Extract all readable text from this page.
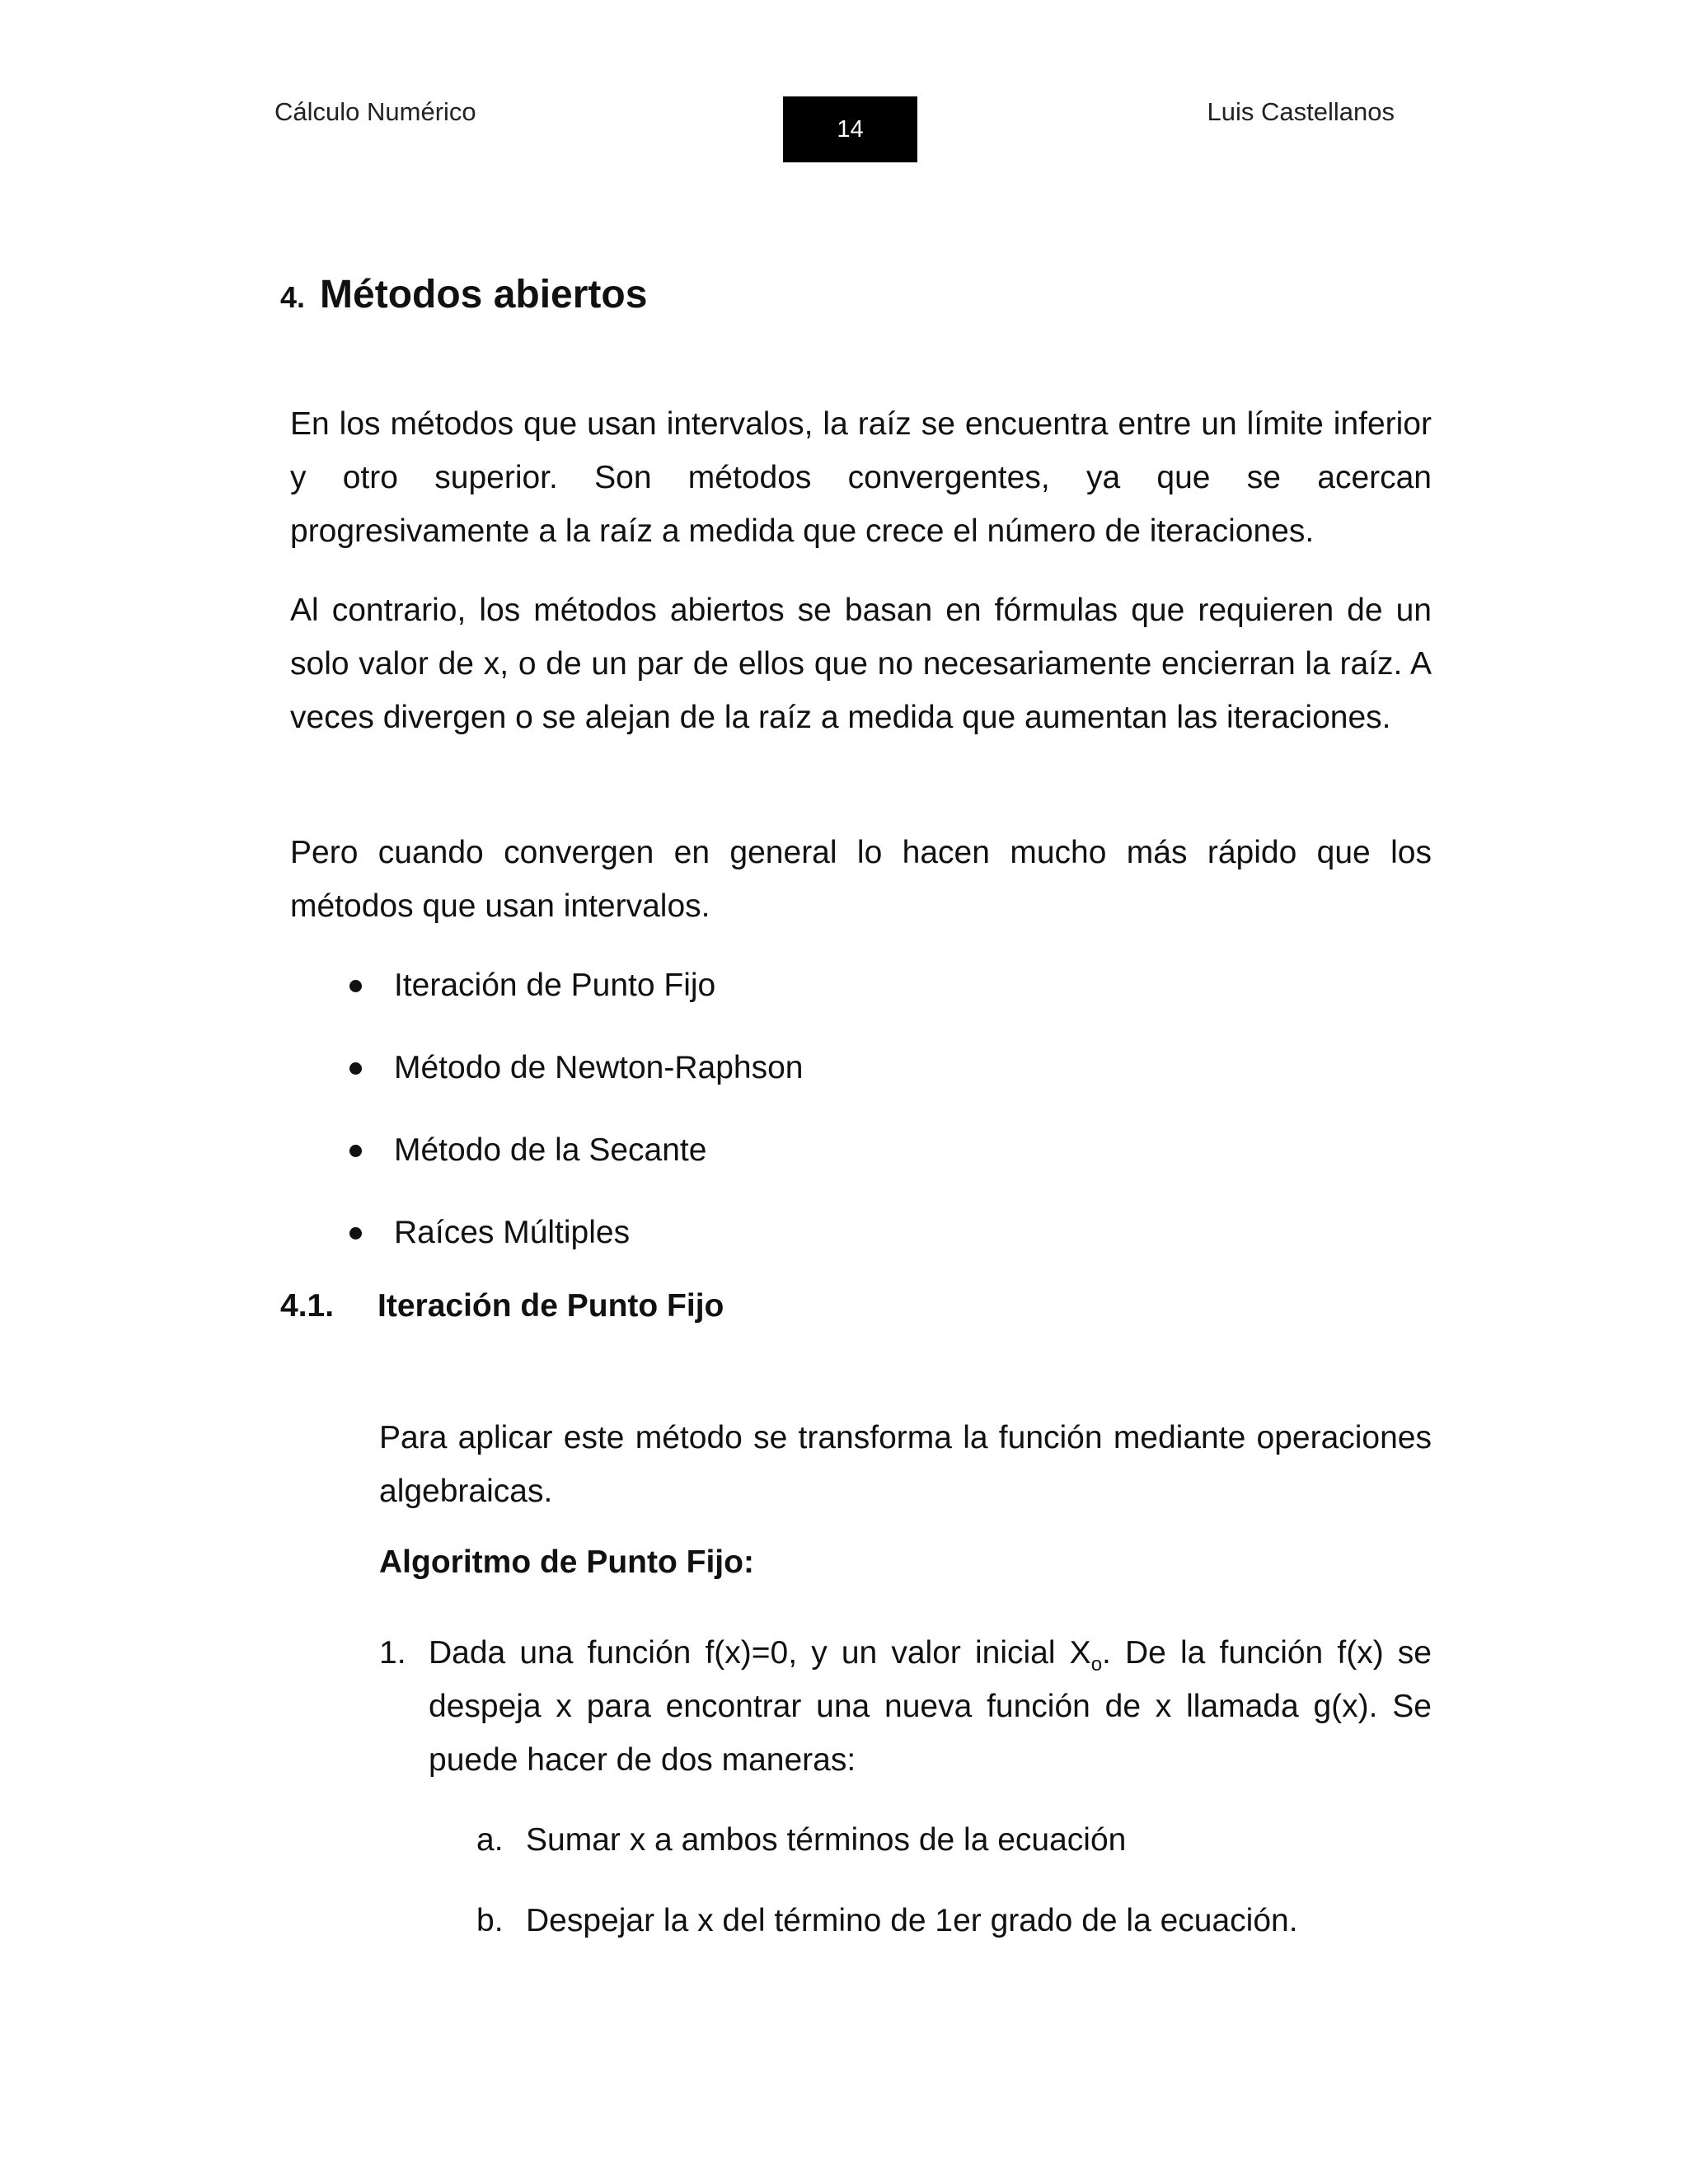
Cálculo Numérico
14
Luis Castellanos
4. Métodos abiertos
En los métodos que usan intervalos, la raíz se encuentra entre un límite inferior y otro superior. Son métodos convergentes, ya que se acercan progresivamente a la raíz a medida que crece el número de iteraciones.
Al contrario, los métodos abiertos se basan en fórmulas que requieren de un solo valor de x, o de un par de ellos que no necesariamente encierran la raíz. A veces divergen o se alejan de la raíz a medida que aumentan las iteraciones.
Pero cuando convergen en general lo hacen mucho más rápido que los métodos que usan intervalos.
Iteración de Punto Fijo
Método de Newton-Raphson
Método de la Secante
Raíces Múltiples
4.1. Iteración de Punto Fijo
Para aplicar este método se transforma la función mediante operaciones algebraicas.
Algoritmo de Punto Fijo:
1. Dada una función f(x)=0, y un valor inicial $X_o$. De la función f(x) se despeja x para encontrar una nueva función de x llamada g(x). Se puede hacer de dos maneras:
a. Sumar x a ambos términos de la ecuación
b. Despejar la x del término de 1er grado de la ecuación.
